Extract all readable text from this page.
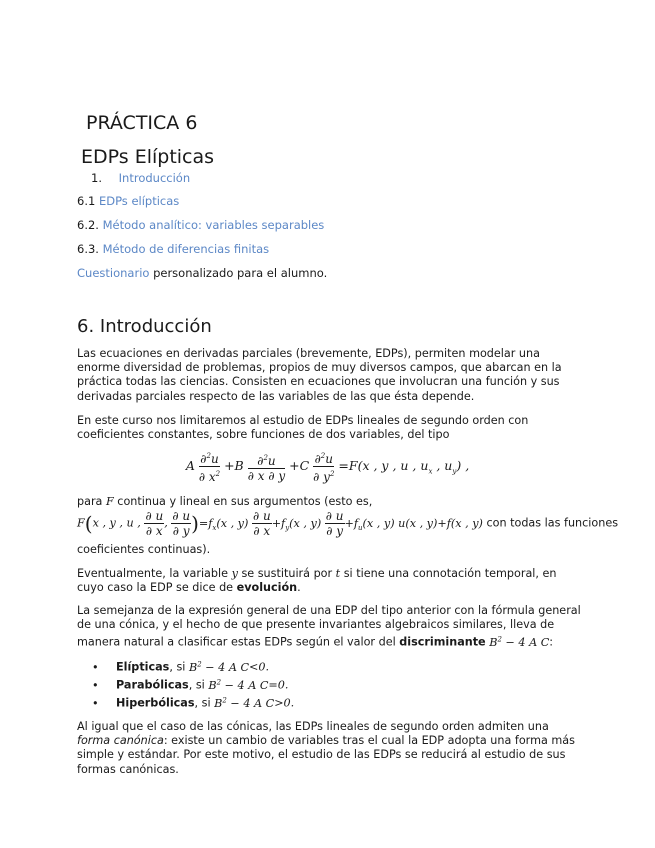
PRÁCTICA 6
EDPs Elípticas
1. Introducción
6.1 EDPs elípticas
6.2. Método analítico: variables separables
6.3. Método de diferencias finitas
Cuestionario personalizado para el alumno.
6. Introducción

Las ecuaciones en derivadas parciales (brevemente, EDPs), permiten modelar una enorme diversidad de problemas, propios de muy diversos campos, que abarcan en la práctica todas las ciencias. Consisten en ecuaciones que involucran una función y sus derivadas parciales respecto de las variables de las que ésta depende.

En este curso nos limitaremos al estudio de EDPs lineales de segundo orden con coeficientes constantes, sobre funciones de dos variables, del tipo

A $\frac{\partial^2u}{\partial x^2} +B \frac{\partial^2u}{\partial x \partial y} +C \frac{\partial^2u}{\partial y^2} =F(x$ , y , u , $u_x$ , $u_y$) ,

para F continua y lineal en sus argumentos (esto es,

F(x , y , u , $\frac{\partial u}{\partial x}$ , $\frac{\partial u}{\partial y} )=f_x(x$ , $y) \frac{\partial u}{\partial x} +f_y(x$ , $y) \frac{\partial u}{\partial y} +f_u(x$ , y) u(x , y)+f(x , y) con todas las funciones

coeficientes continuas).

Eventualmente, la variable y se sustituirá por t si tiene una connotación temporal, en cuyo caso la EDP se dice de evolución.

La semejanza de la expresión general de una EDP del tipo anterior con la fórmula general de una cónica, y el hecho de que presente invariantes algebraicos similares, lleva de manera natural a clasificar estas EDPs según el valor del discriminante $B^2 - 4$ A C:

• Elípticas, si $B^2 - 4$ A C<0.
• Parabólicas, si $B^2 - 4$ A C=0.
• Hiperbólicas, si $B^2 - 4$ A C>0.

Al igual que el caso de las cónicas, las EDPs lineales de segundo orden admiten una forma canónica: existe un cambio de variables tras el cual la EDP adopta una forma más simple y estándar. Por este motivo, el estudio de las EDPs se reducirá al estudio de sus formas canónicas.
